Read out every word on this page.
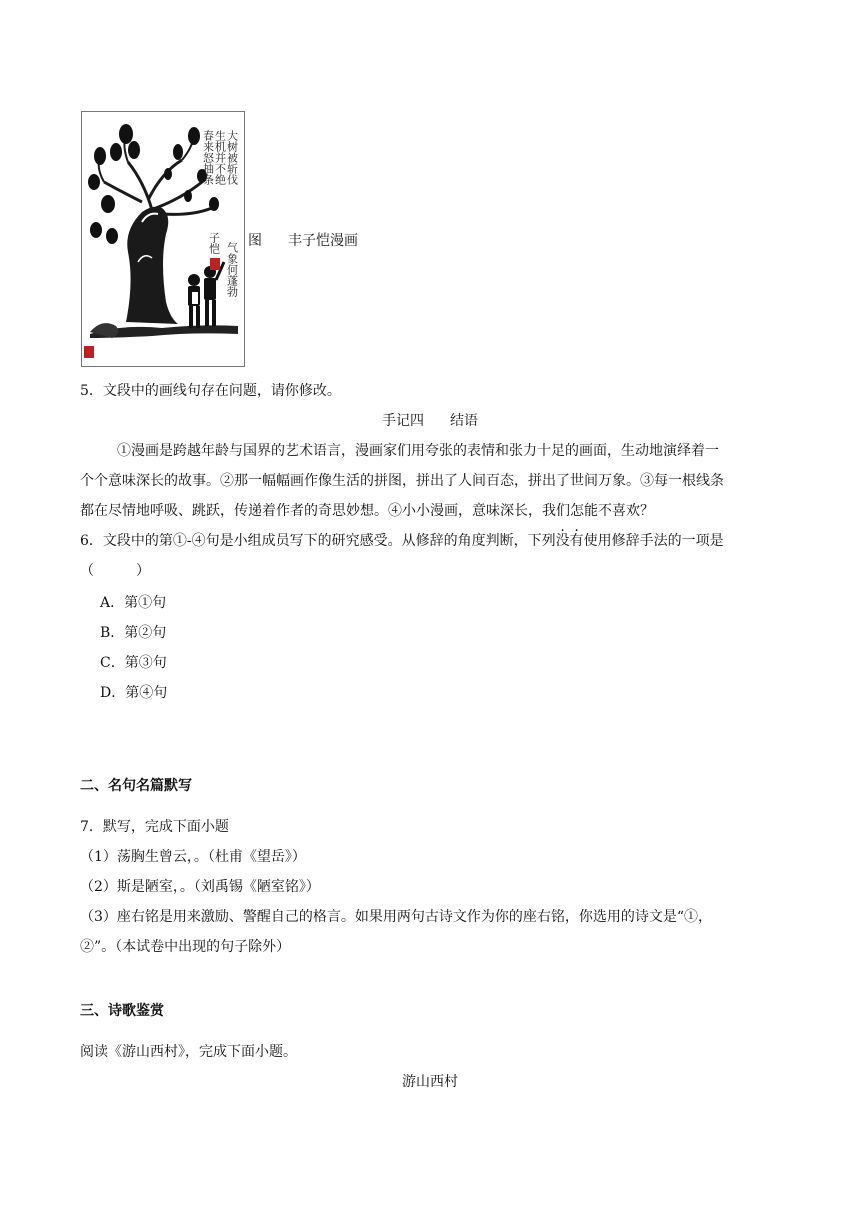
大树被斩伐
生机并不绝
春来怒抽条
气象何蓬勃
子恺 图 丰子恺漫画
5．文段中的画线句存在问题，请你修改。
手记四 结语
①漫画是跨越年龄与国界的艺术语言，漫画家们用夸张的表情和张力十足的画面，生动地演绎着一
个个意味深长的故事。②那一幅幅画作像生活的拼图，拼出了人间百态，拼出了世间万象。③每一根线条
都在尽情地呼吸、跳跃，传递着作者的奇思妙想。④小小漫画，意味深长，我们怎能不喜欢？
6．文段中的第①-④句是小组成员写下的研究感受。从修辞的角度判断，下列没有使用修辞手法的一项是
（　　　）
A．第①句
B．第②句
C．第③句
D．第④句
二、名句名篇默写
7．默写，完成下面小题
（1）荡胸生曾云，。（杜甫《望岳》）
（2）斯是陋室，。（刘禹锡《陋室铭》）
（3）座右铭是用来激励、警醒自己的格言。如果用两句古诗文作为你的座右铭，你选用的诗文是“①，
②”。（本试卷中出现的句子除外）
三、诗歌鉴赏
阅读《游山西村》，完成下面小题。
游山西村
